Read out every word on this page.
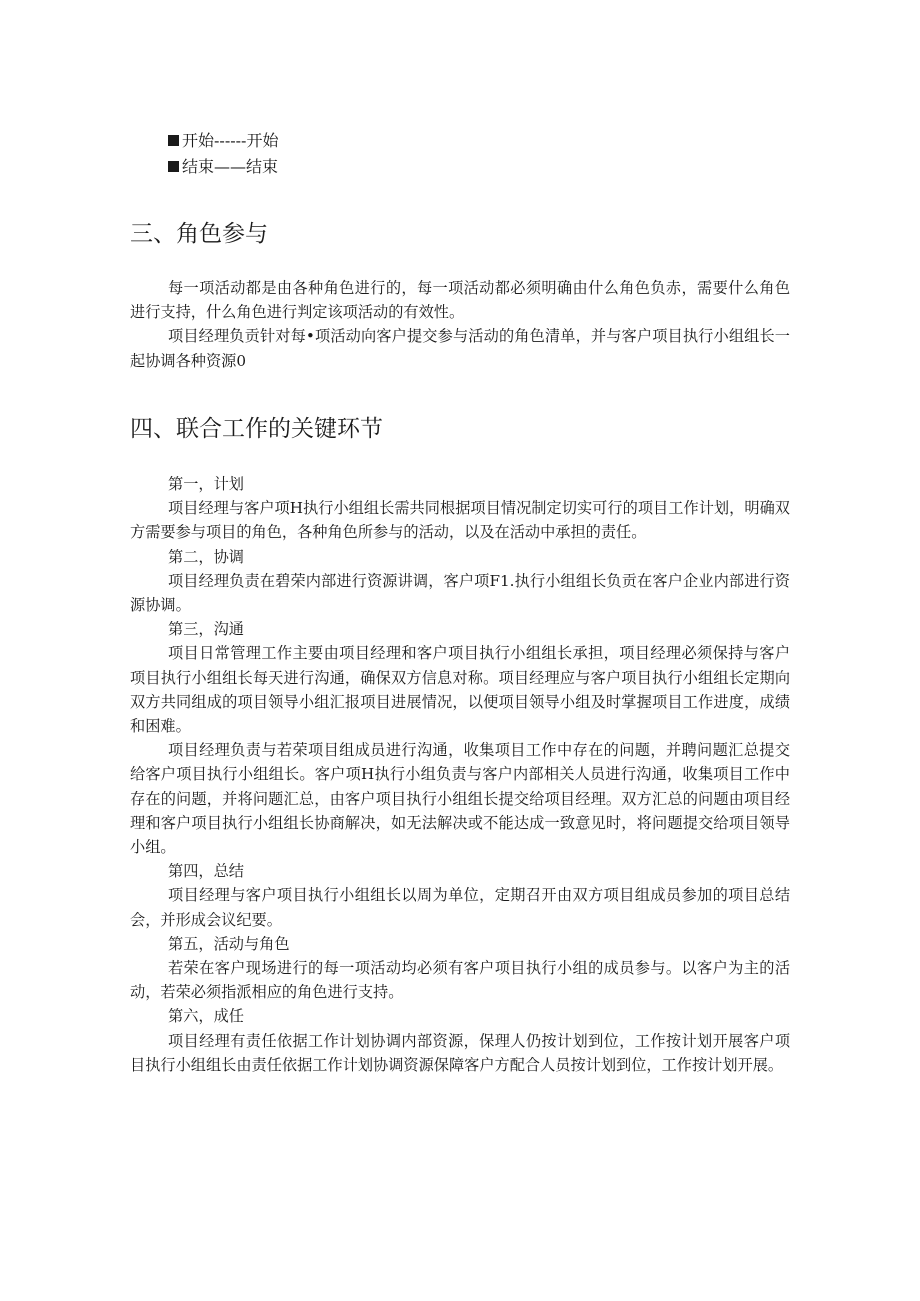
开始------开始
结束——结束
三、角色参与

每一项活动都是由各种角色进行的，每一项活动都必须明确由什么角色负赤，需要什么角色进行支持，什么角色进行判定该项活动的有效性。

项目经理负贡针对每•项活动向客户提交参与活动的角色清单，并与客户项目执行小组组长一起协调各种资源0

四、联合工作的关键环节

第一，计划

项目经理与客户项H执行小组组长需共同根据项目情况制定切实可行的项目工作计划，明确双方需要参与项目的角色，各种角色所参与的活动，以及在活动中承担的责任。

第二，协调

项目经理负责在碧荣内部进行资源讲调，客户项F1.执行小组组长负贡在客户企业内部进行资源协调。

第三，沟通

项目日常管理工作主要由项目经理和客户项目执行小组组长承担，项目经理必须保持与客户项目执行小组组长每天进行沟通，确保双方信息对称。项目经理应与客户项目执行小组组长定期向双方共同组成的项目领导小组汇报项目进展情况，以便项目领导小组及时掌握项目工作进度，成绩和困难。

项目经理负责与若荣项目组成员进行沟通，收集项目工作中存在的问题，并聘问题汇总提交给客户项目执行小组组长。客户项H执行小组负责与客户内部相关人员进行沟通，收集项目工作中存在的问题，并将问题汇总，由客户项目执行小组组长提交给项目经理。双方汇总的问题由项目经理和客户项目执行小组组长协商解决，如无法解决或不能达成一致意见时，将问题提交给项目领导小组。

第四，总结

项目经理与客户项目执行小组组长以周为单位，定期召开由双方项目组成员参加的项目总结会，并形成会议纪要。

第五，活动与角色

若荣在客户现场进行的每一项活动均必须有客户项目执行小组的成员参与。以客户为主的活动，若荣必须指派相应的角色进行支持。

第六，成任

项目经理有责任依据工作计划协调内部资源，保理人仍按计划到位，工作按计划开展客户项目执行小组组长由责任依据工作计划协调资源保障客户方配合人员按计划到位，工作按计划开展。
